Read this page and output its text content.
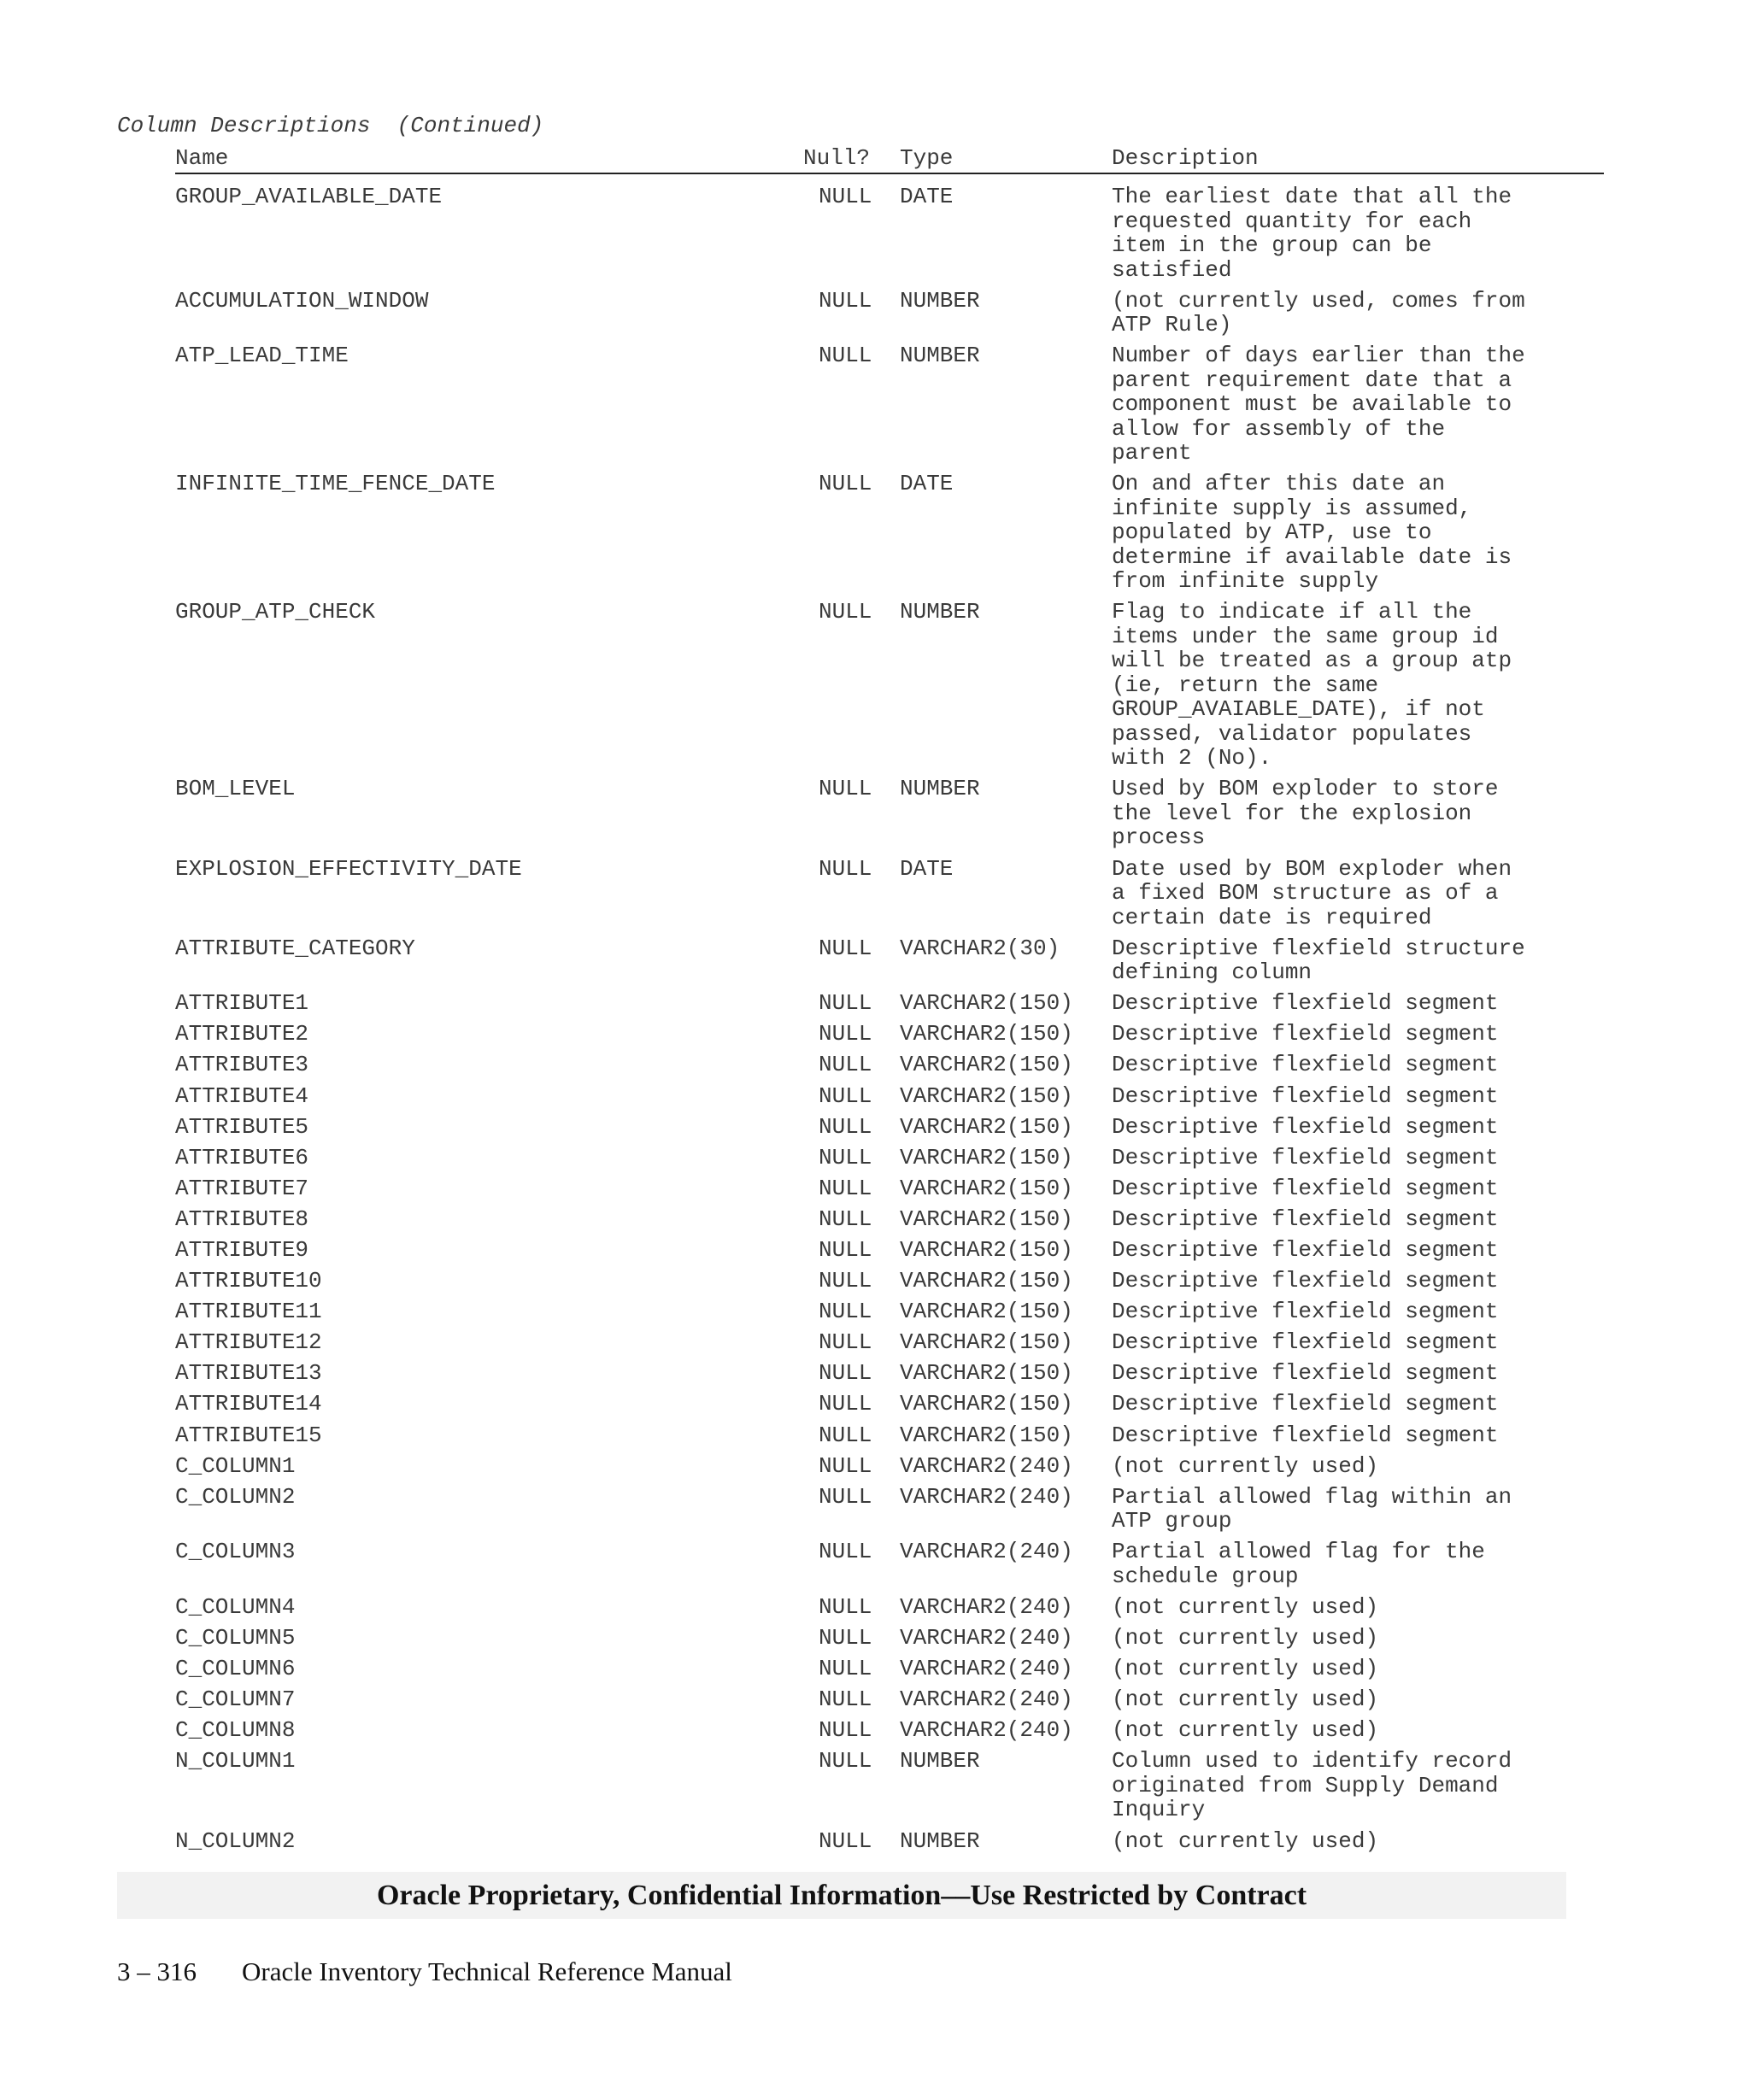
Column Descriptions  (Continued)
Name	Null? Type	Description
GROUP_AVAILABLE_DATE	NULL DATE	The earliest date that all the
requested quantity for each
item in the group can be
satisfied
ACCUMULATION_WINDOW	NULL NUMBER	(not currently used, comes from
ATP Rule)
ATP_LEAD_TIME	NULL NUMBER	Number of days earlier than the
parent requirement date that a
component must be available to
allow for assembly of the
parent
INFINITE_TIME_FENCE_DATE	NULL DATE	On and after this date an
infinite supply is assumed,
populated by ATP, use to
determine if available date is
from infinite supply
GROUP_ATP_CHECK	NULL NUMBER	Flag to indicate if all the
items under the same group id
will be treated as a group atp
(ie, return the same
GROUP_AVAIABLE_DATE), if not
passed, validator populates
with 2 (No).
BOM_LEVEL	NULL NUMBER	Used by BOM exploder to store
the level for the explosion
process
EXPLOSION_EFFECTIVITY_DATE	NULL DATE	Date used by BOM exploder when
a fixed BOM structure as of a
certain date is required
ATTRIBUTE_CATEGORY	NULL VARCHAR2(30) Descriptive flexfield structure
defining column
ATTRIBUTE1	NULL VARCHAR2(150) Descriptive flexfield segment
ATTRIBUTE2	NULL VARCHAR2(150) Descriptive flexfield segment
ATTRIBUTE3	NULL VARCHAR2(150) Descriptive flexfield segment
ATTRIBUTE4	NULL VARCHAR2(150) Descriptive flexfield segment
ATTRIBUTE5	NULL VARCHAR2(150) Descriptive flexfield segment
ATTRIBUTE6	NULL VARCHAR2(150) Descriptive flexfield segment
ATTRIBUTE7	NULL VARCHAR2(150) Descriptive flexfield segment
ATTRIBUTE8	NULL VARCHAR2(150) Descriptive flexfield segment
ATTRIBUTE9	NULL VARCHAR2(150) Descriptive flexfield segment
ATTRIBUTE10	NULL VARCHAR2(150) Descriptive flexfield segment
ATTRIBUTE11	NULL VARCHAR2(150) Descriptive flexfield segment
ATTRIBUTE12	NULL VARCHAR2(150) Descriptive flexfield segment
ATTRIBUTE13	NULL VARCHAR2(150) Descriptive flexfield segment
ATTRIBUTE14	NULL VARCHAR2(150) Descriptive flexfield segment
ATTRIBUTE15	NULL VARCHAR2(150) Descriptive flexfield segment
C_COLUMN1	NULL VARCHAR2(240) (not currently used)
C_COLUMN2	NULL VARCHAR2(240) Partial allowed flag within an
ATP group
C_COLUMN3	NULL VARCHAR2(240) Partial allowed flag for the
schedule group
C_COLUMN4	NULL VARCHAR2(240) (not currently used)
C_COLUMN5	NULL VARCHAR2(240) (not currently used)
C_COLUMN6	NULL VARCHAR2(240) (not currently used)
C_COLUMN7	NULL VARCHAR2(240) (not currently used)
C_COLUMN8	NULL VARCHAR2(240) (not currently used)
N_COLUMN1	NULL NUMBER	Column used to identify record
originated from Supply Demand
Inquiry
N_COLUMN2	NULL NUMBER	(not currently used)
Oracle Proprietary, Confidential Information––Use Restricted by Contract
3 – 316 Oracle Inventory Technical Reference Manual
